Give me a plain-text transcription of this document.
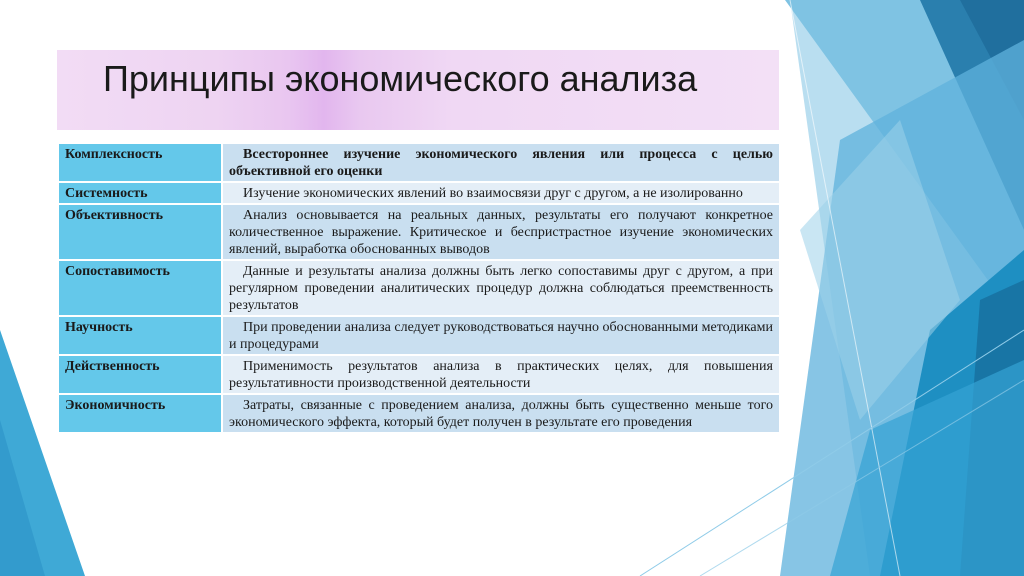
Принципы экономического анализа
Комплексность	Всестороннее изучение экономического явления или процесса с целью объективной его оценки
Системность	Изучение экономических явлений во взаимосвязи друг с другом, а не изолированно
Объективность	Анализ основывается на реальных данных, результаты его получают конкретное количественное выражение. Критическое и беспристрастное изучение экономических явлений, выработка обоснованных выводов
Сопоставимость	Данные и результаты анализа должны быть легко сопоставимы друг с другом, а при регулярном проведении аналитических процедур должна соблюдаться преемственность результатов
Научность	При проведении анализа следует руководствоваться научно обоснованными методиками и процедурами
Действенность	Применимость результатов анализа в практических целях, для повышения результативности производственной деятельности
Экономичность	Затраты, связанные с проведением анализа, должны быть существенно меньше того экономического эффекта, который будет получен в результате его проведения
